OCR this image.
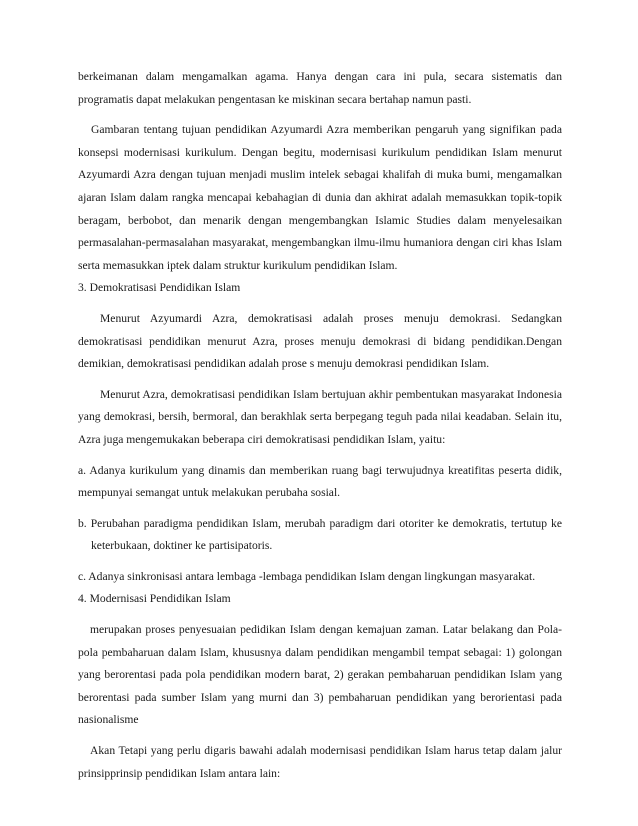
berkeimanan dalam mengamalkan agama. Hanya dengan cara ini pula, secara sistematis dan programatis dapat melakukan pengentasan ke miskinan secara bertahap namun pasti.

Gambaran tentang tujuan pendidikan Azyumardi Azra memberikan pengaruh yang signifikan pada konsepsi modernisasi kurikulum. Dengan begitu, modernisasi kurikulum pendidikan Islam menurut Azyumardi Azra dengan tujuan menjadi muslim intelek sebagai khalifah di muka bumi, mengamalkan ajaran Islam dalam rangka mencapai kebahagian di dunia dan akhirat adalah memasukkan topik-topik beragam, berbobot, dan menarik dengan mengembangkan Islamic Studies dalam menyelesaikan permasalahan-permasalahan masyarakat, mengembangkan ilmu-ilmu humaniora dengan ciri khas Islam serta memasukkan iptek dalam struktur kurikulum pendidikan Islam.

3. Demokratisasi Pendidikan Islam

Menurut Azyumardi Azra, demokratisasi adalah proses menuju demokrasi. Sedangkan demokratisasi pendidikan menurut Azra, proses menuju demokrasi di bidang pendidikan.Dengan demikian, demokratisasi pendidikan adalah prose s menuju demokrasi pendidikan Islam.

Menurut Azra, demokratisasi pendidikan Islam bertujuan akhir pembentukan masyarakat Indonesia yang demokrasi, bersih, bermoral, dan berakhlak serta berpegang teguh pada nilai keadaban. Selain itu, Azra juga mengemukakan beberapa ciri demokratisasi pendidikan Islam, yaitu:

a. Adanya kurikulum yang dinamis dan memberikan ruang bagi terwujudnya kreatifitas peserta didik, mempunyai semangat untuk melakukan perubaha sosial.

b. Perubahan paradigma pendidikan Islam, merubah paradigm dari otoriter ke demokratis, tertutup ke keterbukaan, doktiner ke partisipatoris.

c. Adanya sinkronisasi antara lembaga -lembaga pendidikan Islam dengan lingkungan masyarakat.

4. Modernisasi Pendidikan Islam

merupakan proses penyesuaian pedidikan Islam dengan kemajuan zaman. Latar belakang dan Pola-pola pembaharuan dalam Islam, khususnya dalam pendidikan mengambil tempat sebagai: 1) golongan yang berorentasi pada pola pendidikan modern barat, 2) gerakan pembaharuan pendidikan Islam yang berorentasi pada sumber Islam yang murni dan 3) pembaharuan pendidikan yang berorientasi pada nasionalisme

Akan Tetapi yang perlu digaris bawahi adalah modernisasi pendidikan Islam harus tetap dalam jalur prinsipprinsip pendidikan Islam antara lain:
